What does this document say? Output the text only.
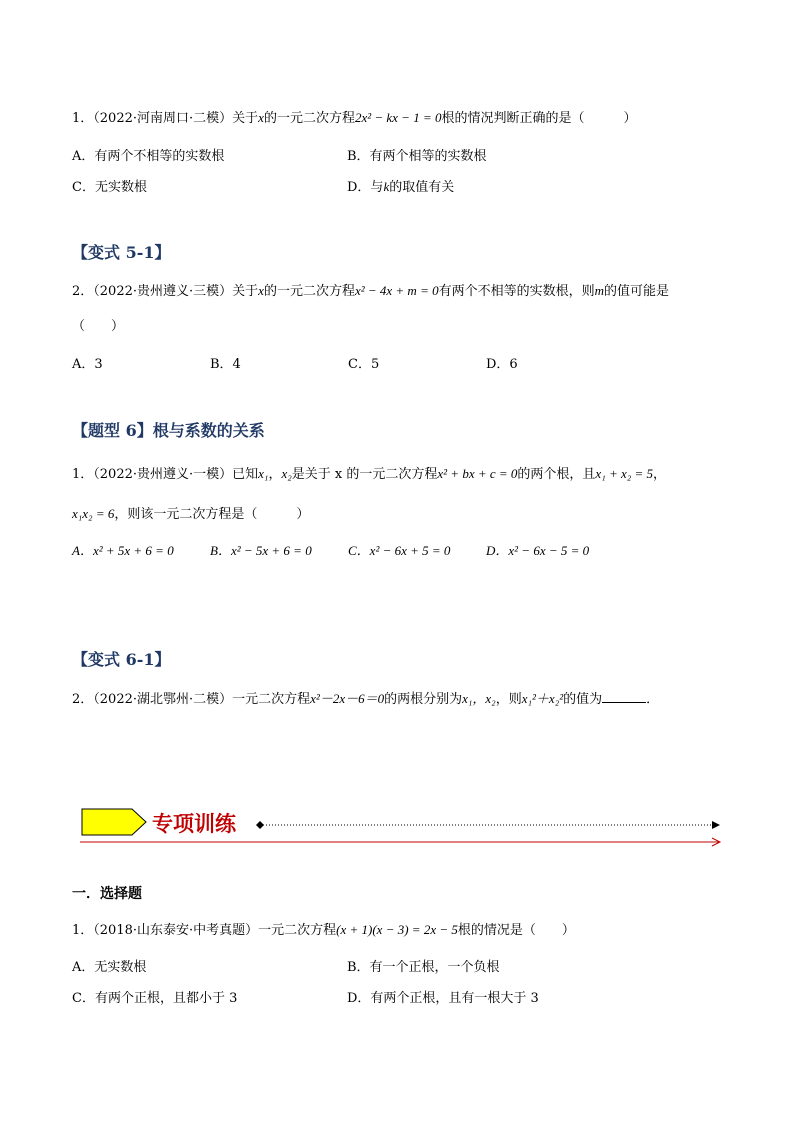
1．（2022·河南周口·二模）关于x的一元二次方程2x² − kx − 1 = 0根的情况判断正确的是（　　　）
A．有两个不相等的实数根	B．有两个相等的实数根
C．无实数根	D．与k的取值有关
【变式 5-1】
2．（2022·贵州遵义·三模）关于x的一元二次方程x² − 4x + m = 0有两个不相等的实数根，则m的值可能是
（　　）
A．3	B．4	C．5	D．6
【题型 6】根与系数的关系
1．（2022·贵州遵义·一模）已知x₁，x₂是关于 x 的一元二次方程x² + bx + c = 0的两个根，且x₁ + x₂ = 5，
x₁x₂ = 6，则该一元二次方程是（　　　）
A．x² + 5x + 6 = 0	B．x² − 5x + 6 = 0	C．x² − 6x + 5 = 0	D．x² − 6x − 5 = 0
【变式 6-1】
2．（2022·湖北鄂州·二模）一元二次方程x²－2x－6＝0的两根分别为x₁，x₂，则x₁²＋x₂²的值为	．
专项训练
一．选择题
1．（2018·山东泰安·中考真题）一元二次方程(x + 1)(x − 3) = 2x − 5根的情况是（　　）
A．无实数根	B．有一个正根，一个负根
C．有两个正根，且都小于 3	D．有两个正根，且有一根大于 3
